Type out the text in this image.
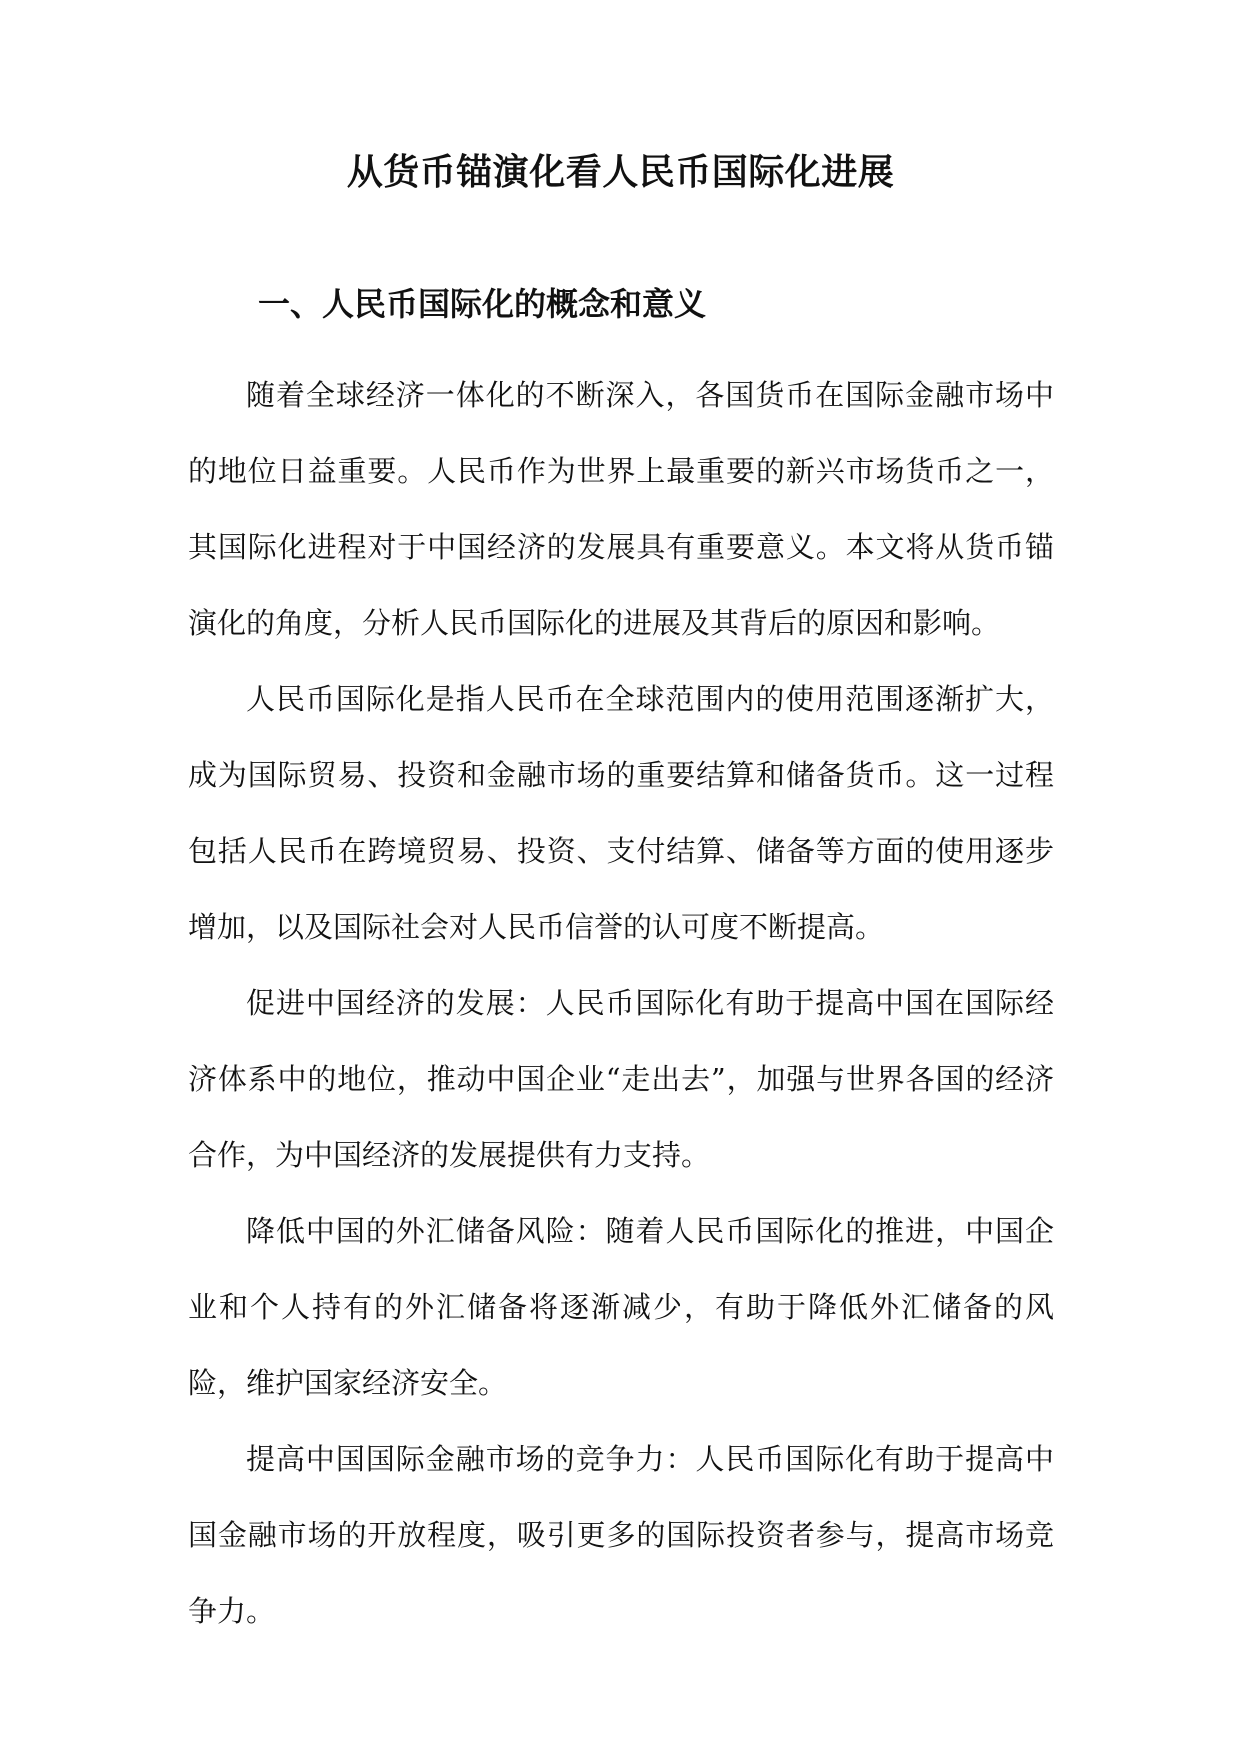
从货币锚演化看人民币国际化进展
一、人民币国际化的概念和意义

随着全球经济一体化的不断深入，各国货币在国际金融市场中的地位日益重要。人民币作为世界上最重要的新兴市场货币之一，其国际化进程对于中国经济的发展具有重要意义。本文将从货币锚演化的角度，分析人民币国际化的进展及其背后的原因和影响。

人民币国际化是指人民币在全球范围内的使用范围逐渐扩大，成为国际贸易、投资和金融市场的重要结算和储备货币。这一过程包括人民币在跨境贸易、投资、支付结算、储备等方面的使用逐步增加，以及国际社会对人民币信誉的认可度不断提高。

促进中国经济的发展：人民币国际化有助于提高中国在国际经济体系中的地位，推动中国企业“走出去”，加强与世界各国的经济合作，为中国经济的发展提供有力支持。

降低中国的外汇储备风险：随着人民币国际化的推进，中国企业和个人持有的外汇储备将逐渐减少，有助于降低外汇储备的风险，维护国家经济安全。

提高中国国际金融市场的竞争力：人民币国际化有助于提高中国金融市场的开放程度，吸引更多的国际投资者参与，提高市场竞争力。
